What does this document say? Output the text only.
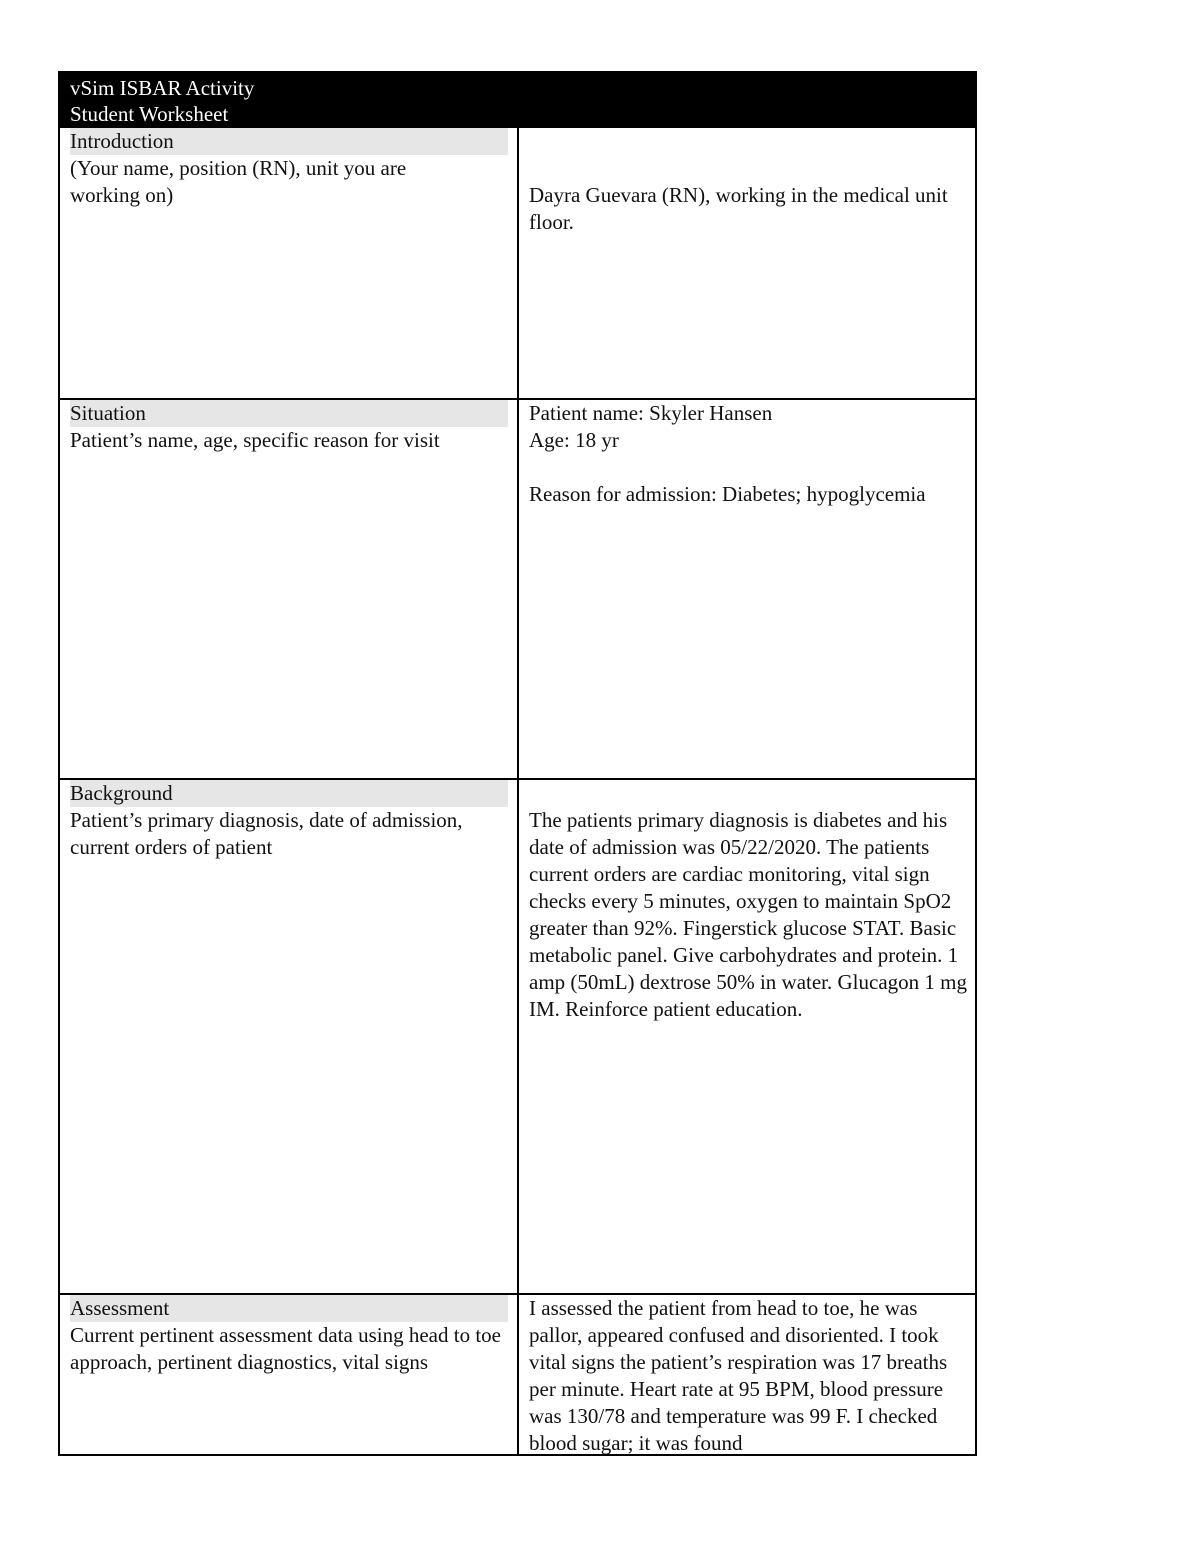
vSim ISBAR Activity
Student Worksheet
Introduction
(Your name, position (RN), unit you are
working on)	Dayra Guevara (RN), working in the medical unit floor.
Situation
Patient’s name, age, specific reason for visit
Patient name: Skyler Hansen
Age: 18 yr
Reason for admission: Diabetes; hypoglycemia
Background
Patient’s primary diagnosis, date of admission, current orders of patient
The patients primary diagnosis is diabetes and his date of admission was 05/22/2020. The patients current orders are cardiac monitoring, vital sign checks every 5 minutes, oxygen to maintain SpO2 greater than 92%. Fingerstick glucose STAT. Basic metabolic panel. Give carbohydrates and protein. 1 amp (50mL) dextrose 50% in water. Glucagon 1 mg IM. Reinforce patient education.
Assessment
Current pertinent assessment data using head to toe approach, pertinent diagnostics, vital signs
I assessed the patient from head to toe, he was pallor, appeared confused and disoriented. I took vital signs the patient’s respiration was 17 breaths per minute. Heart rate at 95 BPM, blood pressure was 130/78 and temperature was 99 F. I checked blood sugar; it was found
